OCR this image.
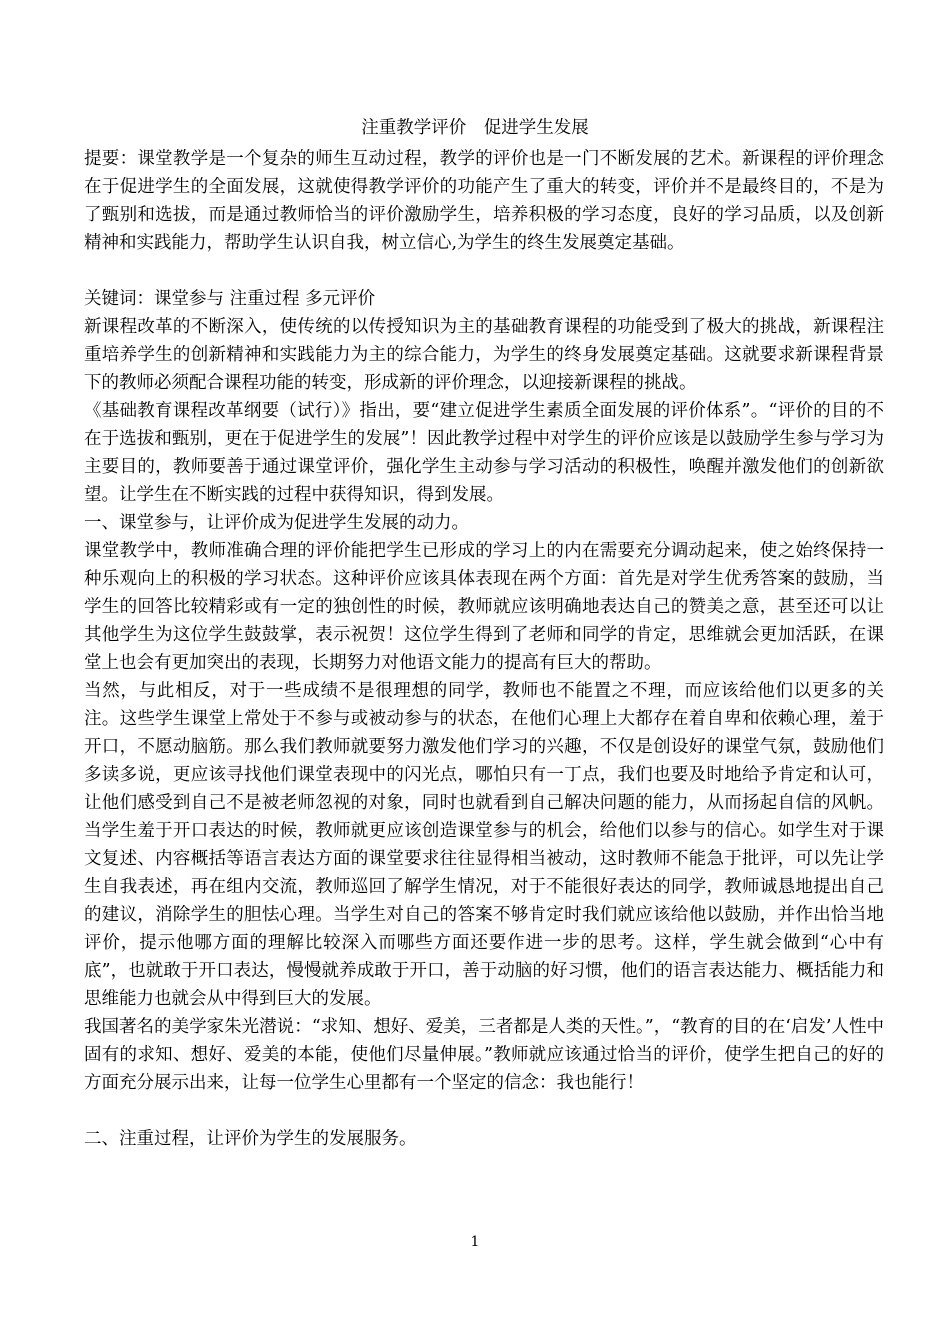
注重教学评价　促进学生发展

提要：课堂教学是一个复杂的师生互动过程，教学的评价也是一门不断发展的艺术。新课程的评价理念在于促进学生的全面发展，这就使得教学评价的功能产生了重大的转变，评价并不是最终目的，不是为了甄别和选拔，而是通过教师恰当的评价激励学生，培养积极的学习态度，良好的学习品质，以及创新精神和实践能力，帮助学生认识自我，树立信心,为学生的终生发展奠定基础。

关键词：课堂参与 注重过程 多元评价

新课程改革的不断深入，使传统的以传授知识为主的基础教育课程的功能受到了极大的挑战，新课程注重培养学生的创新精神和实践能力为主的综合能力，为学生的终身发展奠定基础。这就要求新课程背景下的教师必须配合课程功能的转变，形成新的评价理念，以迎接新课程的挑战。

《基础教育课程改革纲要（试行）》指出，要“建立促进学生素质全面发展的评价体系”。“评价的目的不在于选拔和甄别，更在于促进学生的发展”！因此教学过程中对学生的评价应该是以鼓励学生参与学习为主要目的，教师要善于通过课堂评价，强化学生主动参与学习活动的积极性，唤醒并激发他们的创新欲望。让学生在不断实践的过程中获得知识，得到发展。

一、课堂参与，让评价成为促进学生发展的动力。

课堂教学中，教师准确合理的评价能把学生已形成的学习上的内在需要充分调动起来，使之始终保持一种乐观向上的积极的学习状态。这种评价应该具体表现在两个方面：首先是对学生优秀答案的鼓励，当学生的回答比较精彩或有一定的独创性的时候，教师就应该明确地表达自己的赞美之意，甚至还可以让其他学生为这位学生鼓鼓掌，表示祝贺！这位学生得到了老师和同学的肯定，思维就会更加活跃，在课堂上也会有更加突出的表现，长期努力对他语文能力的提高有巨大的帮助。

当然，与此相反，对于一些成绩不是很理想的同学，教师也不能置之不理，而应该给他们以更多的关注。这些学生课堂上常处于不参与或被动参与的状态，在他们心理上大都存在着自卑和依赖心理，羞于开口，不愿动脑筋。那么我们教师就要努力激发他们学习的兴趣，不仅是创设好的课堂气氛，鼓励他们多读多说，更应该寻找他们课堂表现中的闪光点，哪怕只有一丁点，我们也要及时地给予肯定和认可，让他们感受到自己不是被老师忽视的对象，同时也就看到自己解决问题的能力，从而扬起自信的风帆。当学生羞于开口表达的时候，教师就更应该创造课堂参与的机会，给他们以参与的信心。如学生对于课文复述、内容概括等语言表达方面的课堂要求往往显得相当被动，这时教师不能急于批评，可以先让学生自我表述，再在组内交流，教师巡回了解学生情况，对于不能很好表达的同学，教师诚恳地提出自己的建议，消除学生的胆怯心理。当学生对自己的答案不够肯定时我们就应该给他以鼓励，并作出恰当地评价，提示他哪方面的理解比较深入而哪些方面还要作进一步的思考。这样，学生就会做到“心中有底”，也就敢于开口表达，慢慢就养成敢于开口，善于动脑的好习惯，他们的语言表达能力、概括能力和思维能力也就会从中得到巨大的发展。

我国著名的美学家朱光潜说：“求知、想好、爱美，三者都是人类的天性。”，“教育的目的在‘启发’人性中固有的求知、想好、爱美的本能，使他们尽量伸展。”教师就应该通过恰当的评价，使学生把自己的好的方面充分展示出来，让每一位学生心里都有一个坚定的信念：我也能行！

二、注重过程，让评价为学生的发展服务。

1
